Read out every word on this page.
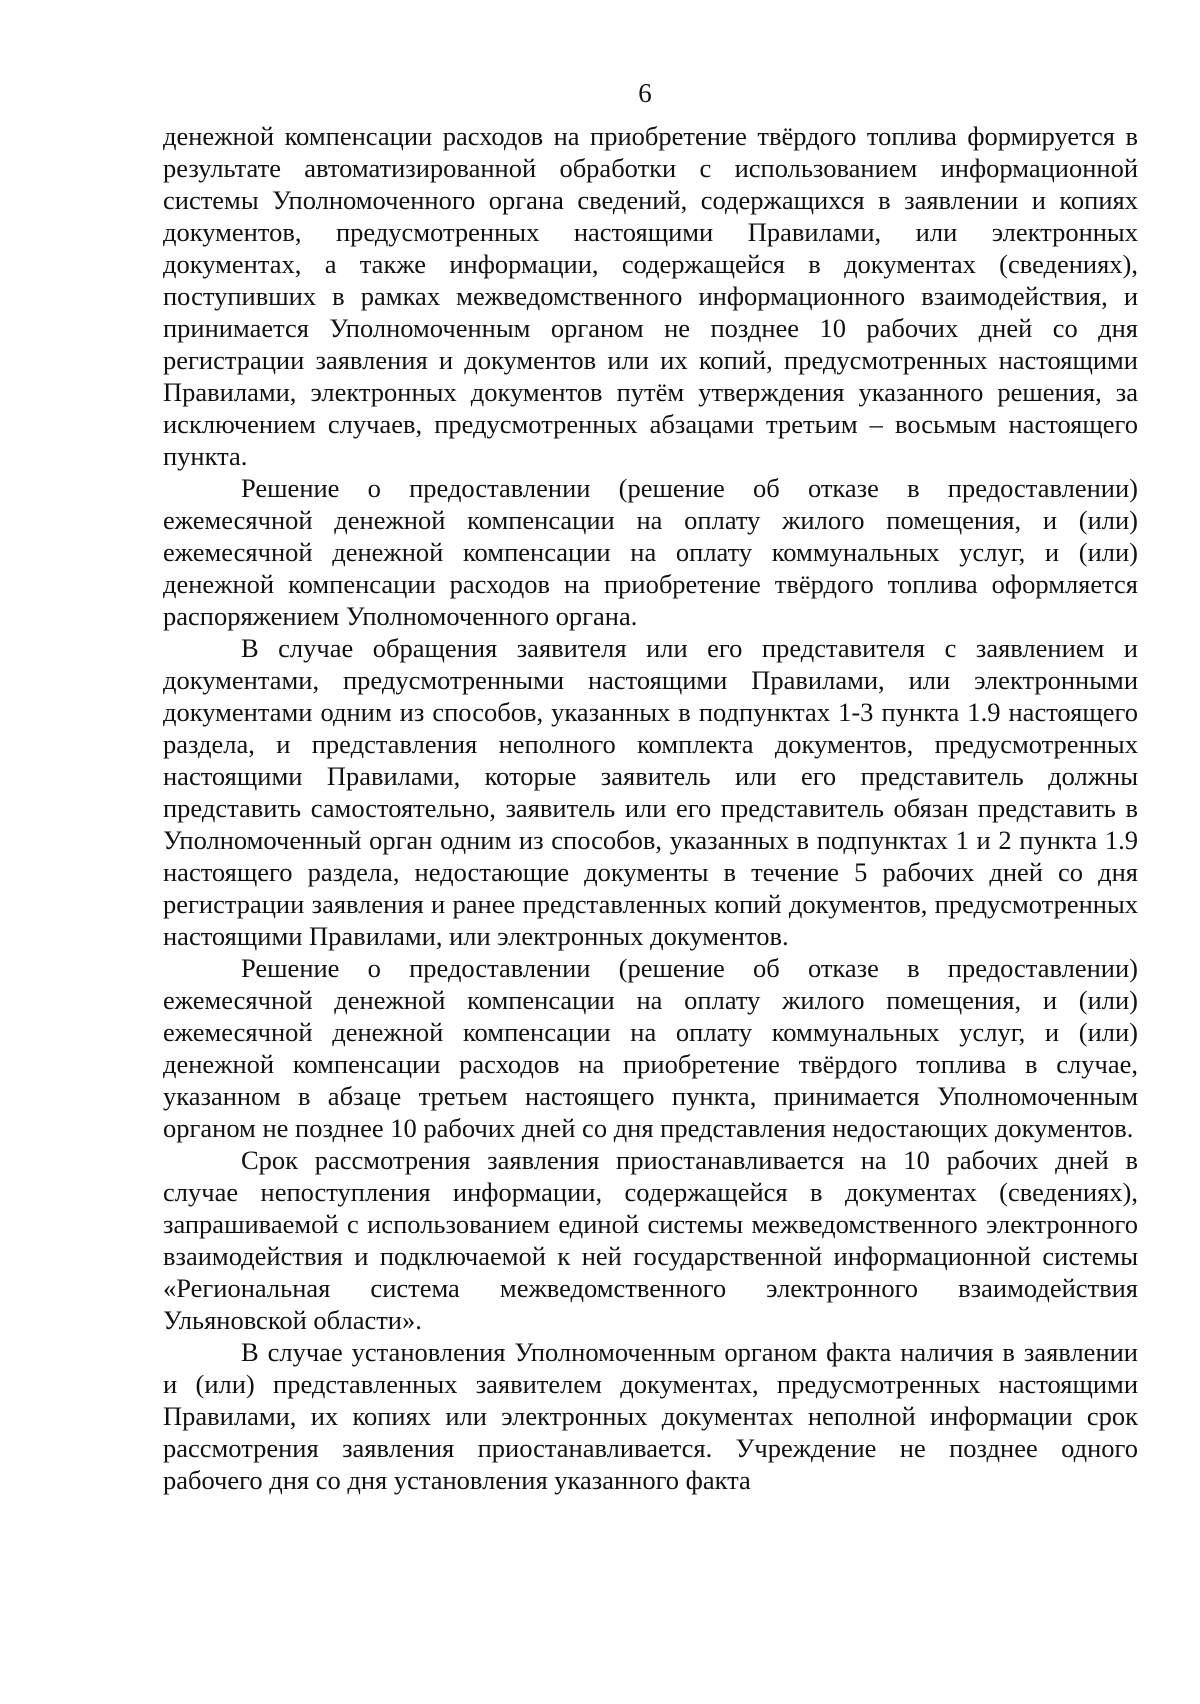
6

денежной компенсации расходов на приобретение твёрдого топлива формируется в результате автоматизированной обработки с использованием информационной системы Уполномоченного органа сведений, содержащихся в заявлении и копиях документов, предусмотренных настоящими Правилами, или электронных документах, а также информации, содержащейся в документах (сведениях), поступивших в рамках межведомственного информационного взаимодействия, и принимается Уполномоченным органом не позднее 10 рабочих дней со дня регистрации заявления и документов или их копий, предусмотренных настоящими Правилами, электронных документов путём утверждения указанного решения, за исключением случаев, предусмотренных абзацами третьим – восьмым настоящего пункта.

Решение о предоставлении (решение об отказе в предоставлении) ежемесячной денежной компенсации на оплату жилого помещения, и (или) ежемесячной денежной компенсации на оплату коммунальных услуг, и (или) денежной компенсации расходов на приобретение твёрдого топлива оформляется распоряжением Уполномоченного органа.

В случае обращения заявителя или его представителя с заявлением и документами, предусмотренными настоящими Правилами, или электронными документами одним из способов, указанных в подпунктах 1-3 пункта 1.9 настоящего раздела, и представления неполного комплекта документов, предусмотренных настоящими Правилами, которые заявитель или его представитель должны представить самостоятельно, заявитель или его представитель обязан представить в Уполномоченный орган одним из способов, указанных в подпунктах 1 и 2 пункта 1.9 настоящего раздела, недостающие документы в течение 5 рабочих дней со дня регистрации заявления и ранее представленных копий документов, предусмотренных настоящими Правилами, или электронных документов.

Решение о предоставлении (решение об отказе в предоставлении) ежемесячной денежной компенсации на оплату жилого помещения, и (или) ежемесячной денежной компенсации на оплату коммунальных услуг, и (или) денежной компенсации расходов на приобретение твёрдого топлива в случае, указанном в абзаце третьем настоящего пункта, принимается Уполномоченным органом не позднее 10 рабочих дней со дня представления недостающих документов.

Срок рассмотрения заявления приостанавливается на 10 рабочих дней в случае непоступления информации, содержащейся в документах (сведениях), запрашиваемой с использованием единой системы межведомственного электронного взаимодействия и подключаемой к ней государственной информационной системы «Региональная система межведомственного электронного взаимодействия Ульяновской области».

В случае установления Уполномоченным органом факта наличия в заявлении и (или) представленных заявителем документах, предусмотренных настоящими Правилами, их копиях или электронных документах неполной информации срок рассмотрения заявления приостанавливается. Учреждение не позднее одного рабочего дня со дня установления указанного факта
